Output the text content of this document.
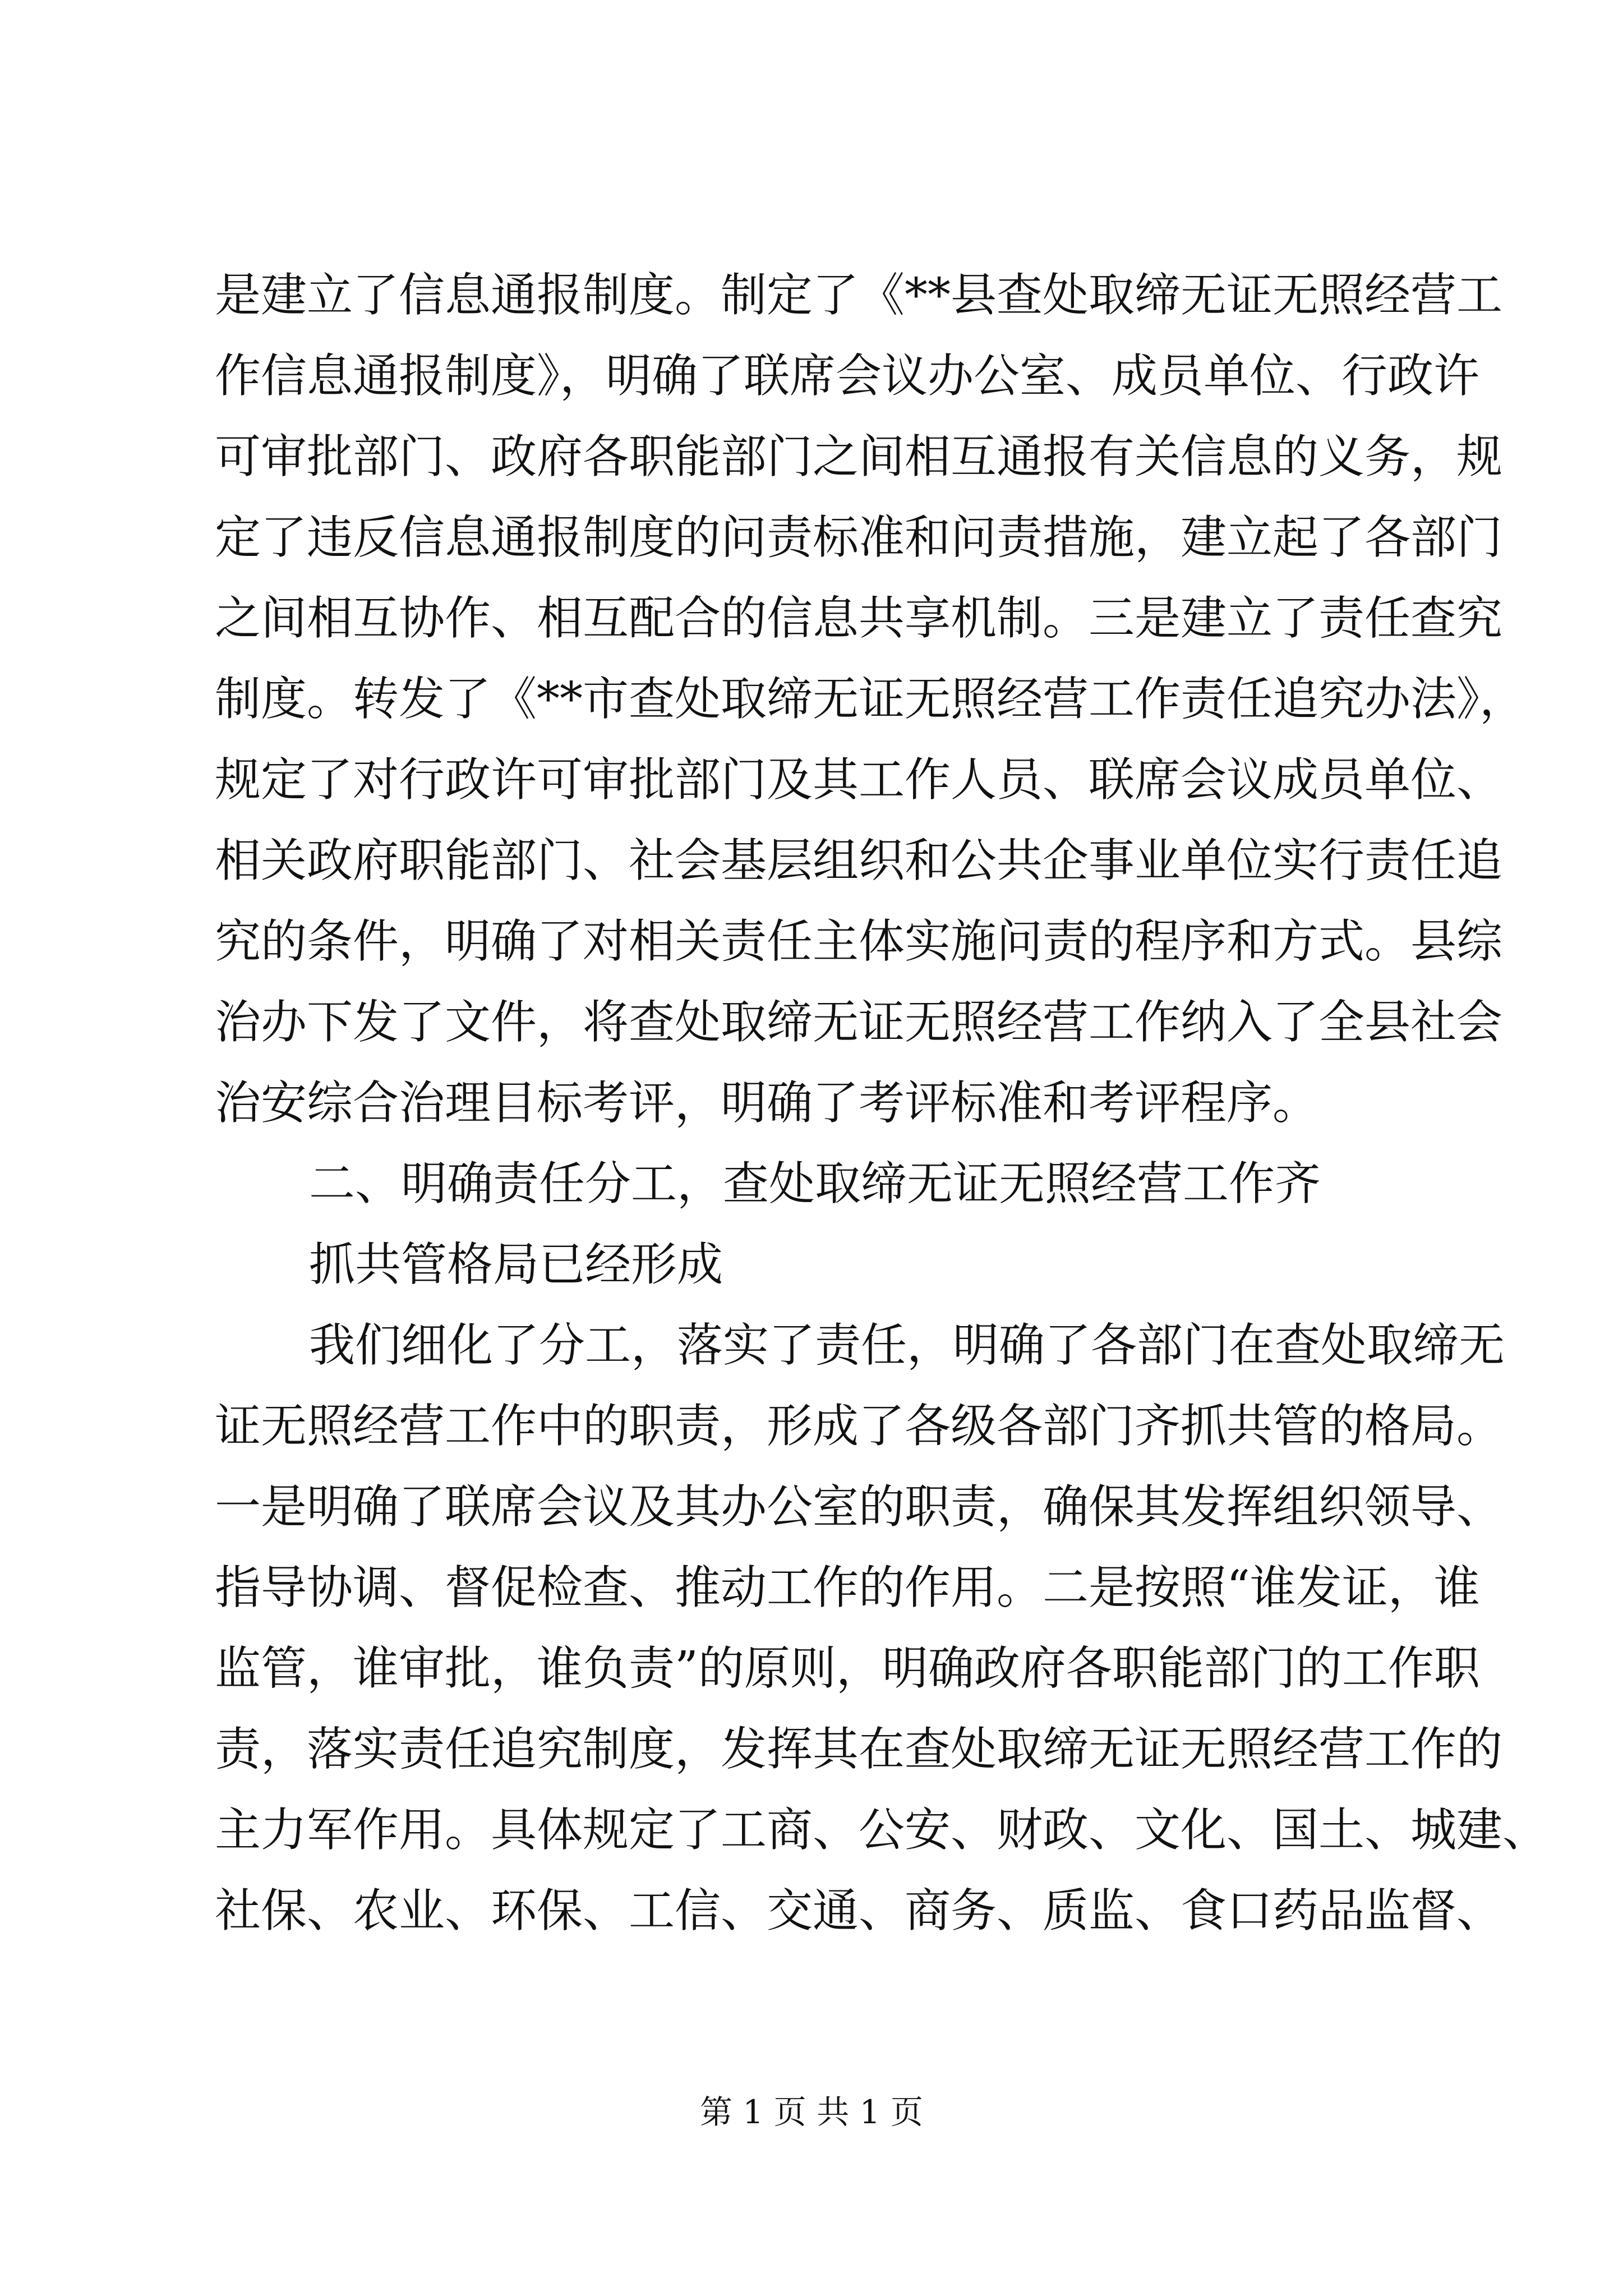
是建立了信息通报制度。制定了《**县查处取缔无证无照经营工
作信息通报制度》，明确了联席会议办公室、成员单位、行政许
可审批部门、政府各职能部门之间相互通报有关信息的义务，规
定了违反信息通报制度的问责标准和问责措施，建立起了各部门
之间相互协作、相互配合的信息共享机制。三是建立了责任查究
制度。转发了《**市查处取缔无证无照经营工作责任追究办法》，
规定了对行政许可审批部门及其工作人员、联席会议成员单位、
相关政府职能部门、社会基层组织和公共企事业单位实行责任追
究的条件，明确了对相关责任主体实施问责的程序和方式。县综
治办下发了文件，将查处取缔无证无照经营工作纳入了全县社会
治安综合治理目标考评，明确了考评标准和考评程序。
二、明确责任分工，查处取缔无证无照经营工作齐
抓共管格局已经形成
我们细化了分工，落实了责任，明确了各部门在查处取缔无
证无照经营工作中的职责，形成了各级各部门齐抓共管的格局。
一是明确了联席会议及其办公室的职责，确保其发挥组织领导、
指导协调、督促检查、推动工作的作用。二是按照“谁发证，谁
监管，谁审批，谁负责”的原则，明确政府各职能部门的工作职
责，落实责任追究制度，发挥其在查处取缔无证无照经营工作的
主力军作用。具体规定了工商、公安、财政、文化、国土、城建、
社保、农业、环保、工信、交通、商务、质监、食口药品监督、
第 1 页 共 1 页
